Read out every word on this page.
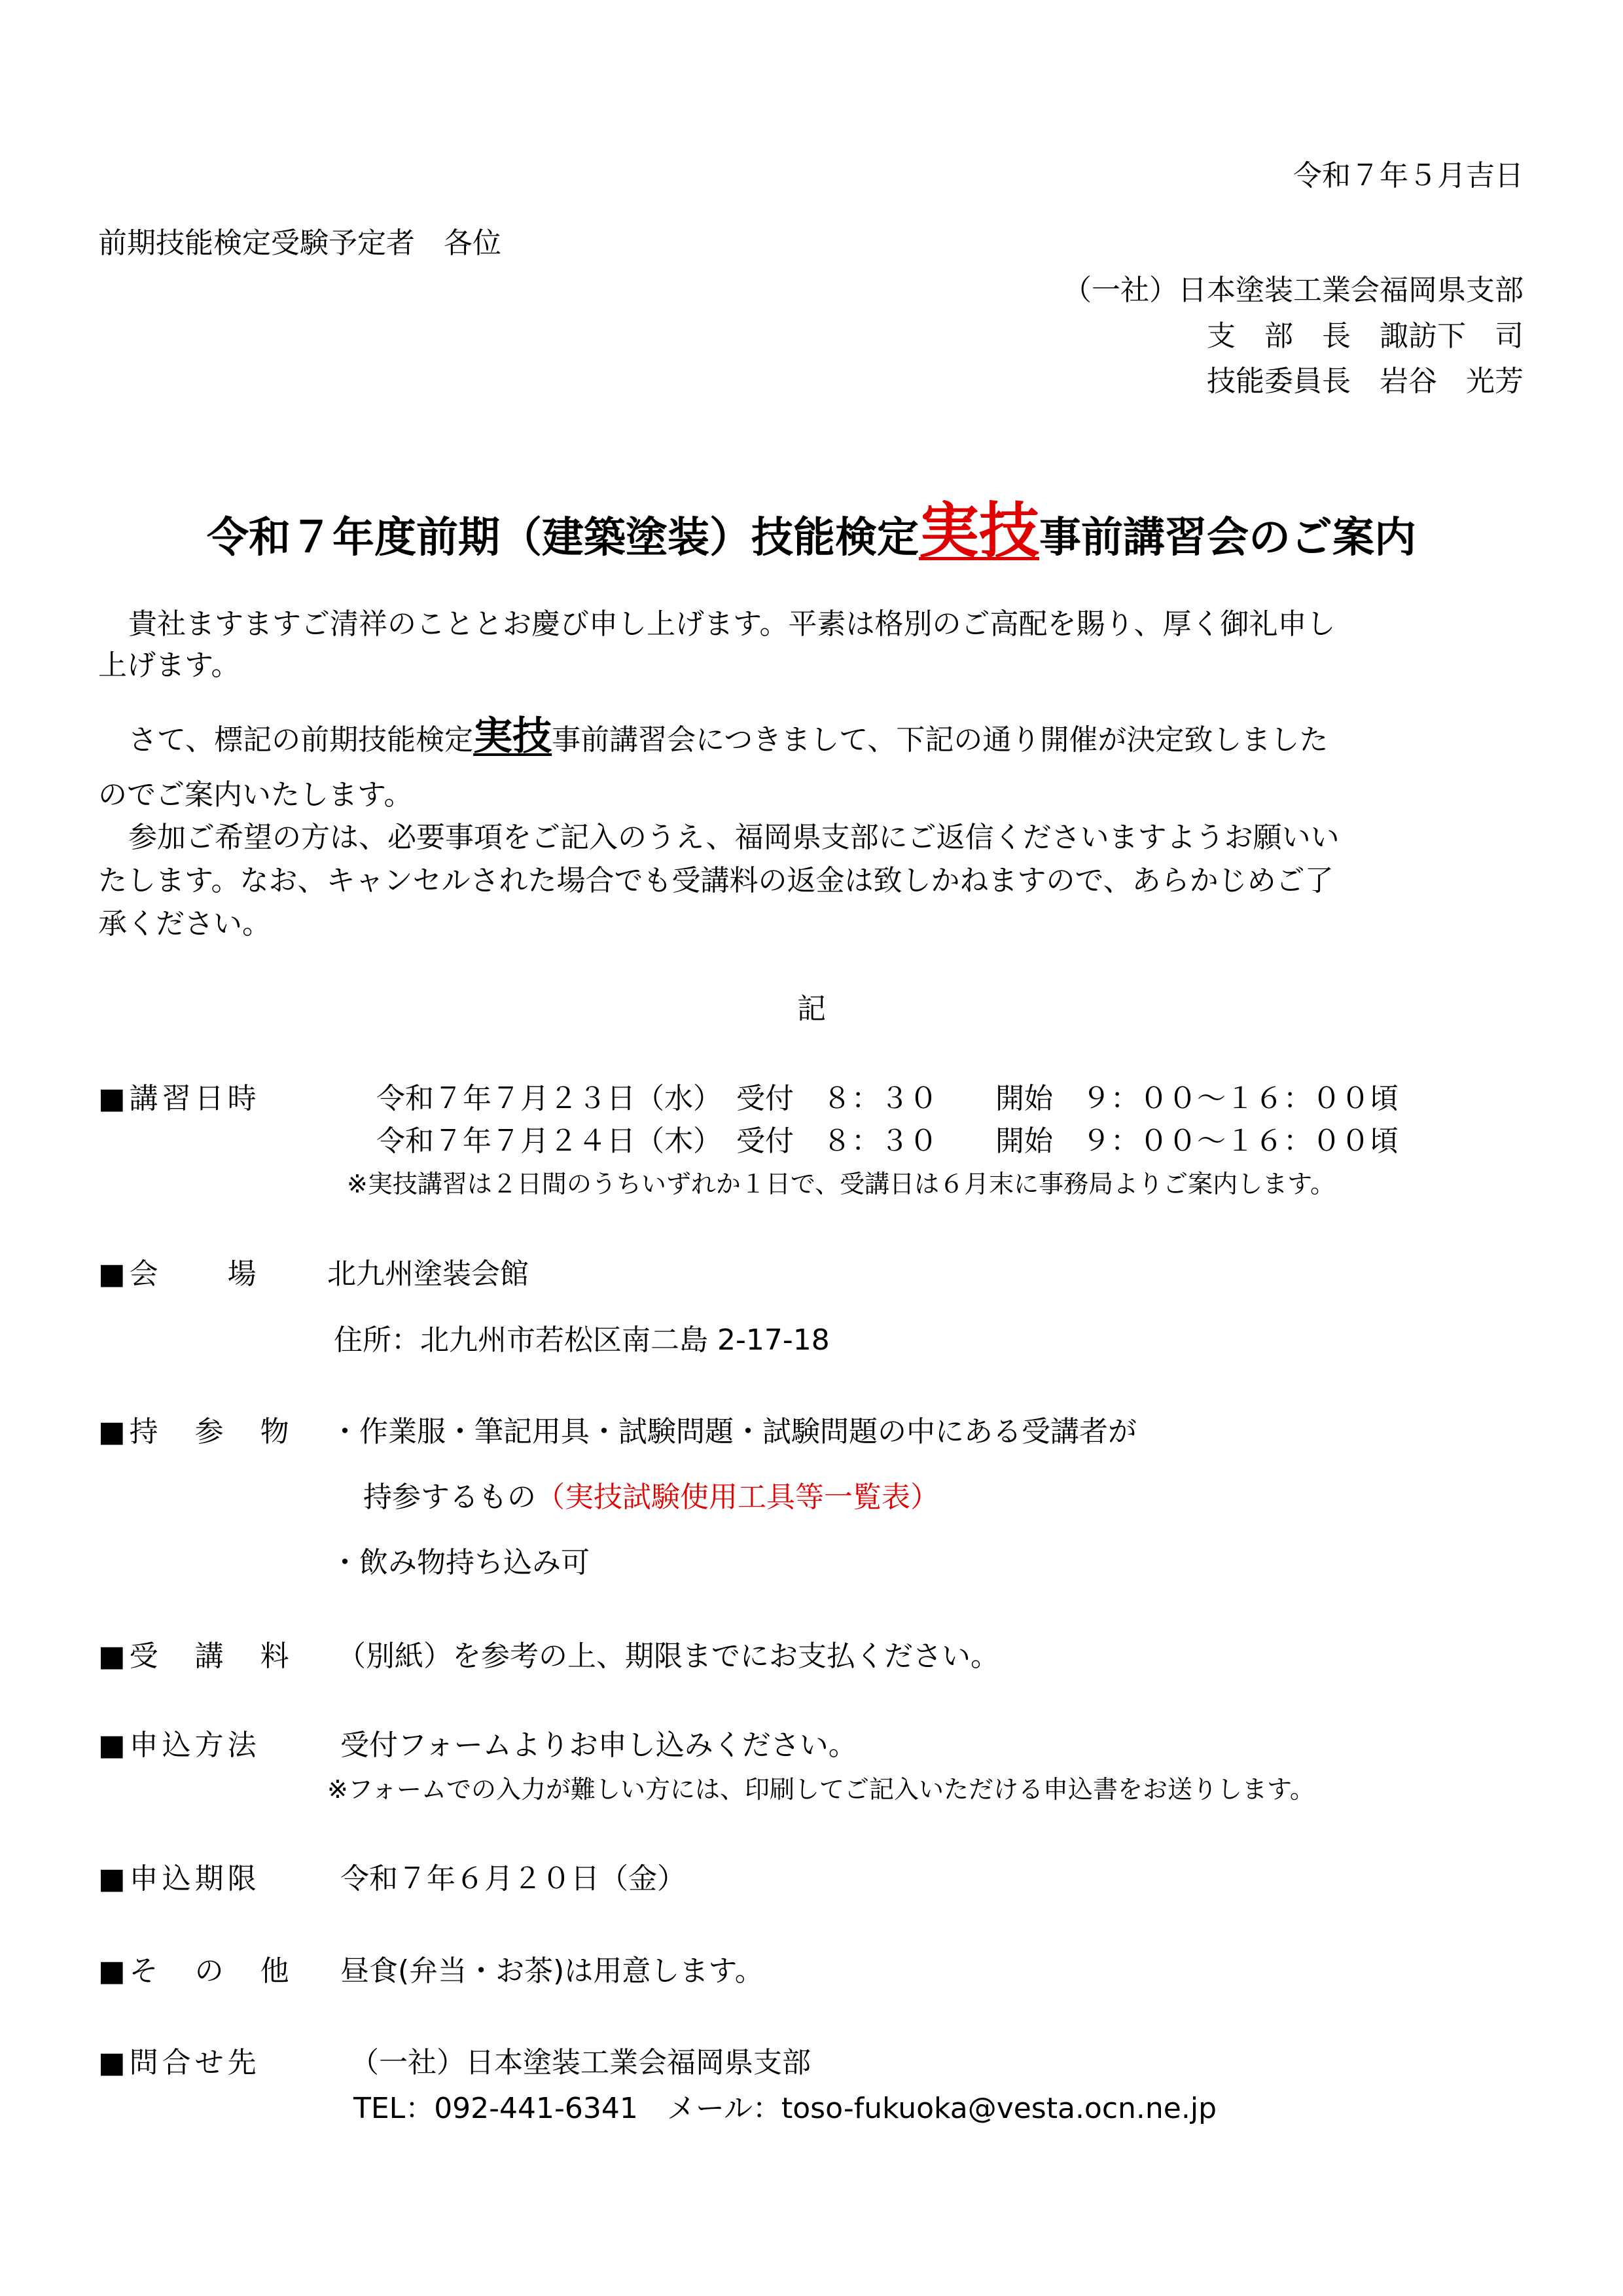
令和７年５月吉日
前期技能検定受験予定者　各位
（一社）日本塗装工業会福岡県支部
支　部　長　諏訪下　司
技能委員長　岩谷　光芳
令和７年度前期（建築塗装）技能検定実技事前講習会のご案内
貴社ますますご清祥のこととお慶び申し上げます。平素は格別のご高配を賜り、厚く御礼申し
上げます。
さて、標記の前期技能検定実技事前講習会につきまして、下記の通り開催が決定致しました
のでご案内いたします。
参加ご希望の方は、必要事項をご記入のうえ、福岡県支部にご返信くださいますようお願いい
たします。なお、キャンセルされた場合でも受講料の返金は致しかねますので、あらかじめご了
承ください。
記
■講習日時	令和７年７月２３日（水）　受付　８：３０　　開始　９：００～１６：００頃
令和７年７月２４日（木）　受付　８：３０　　開始　９：００～１６：００頃
※実技講習は２日間のうちいずれか１日で、受講日は６月末に事務局よりご案内します。
■会　　場 北九州塗装会館
住所：北九州市若松区南二島 2-17-18
■持　参　物 ・作業服・筆記用具・試験問題・試験問題の中にある受講者が
持参するもの（実技試験使用工具等一覧表）
・飲み物持ち込み可
■受　講　料 （別紙）を参考の上、期限までにお支払ください。
■申込方法	受付フォームよりお申し込みください。
※フォームでの入力が難しい方には、印刷してご記入いただける申込書をお送りします。
■申込期限	令和７年６月２０日（金）
■そ　の　他 昼食(弁当・お茶)は用意します。
■問合せ先	（一社）日本塗装工業会福岡県支部
TEL：092-441-6341　メール：toso-fukuoka@vesta.ocn.ne.jp
